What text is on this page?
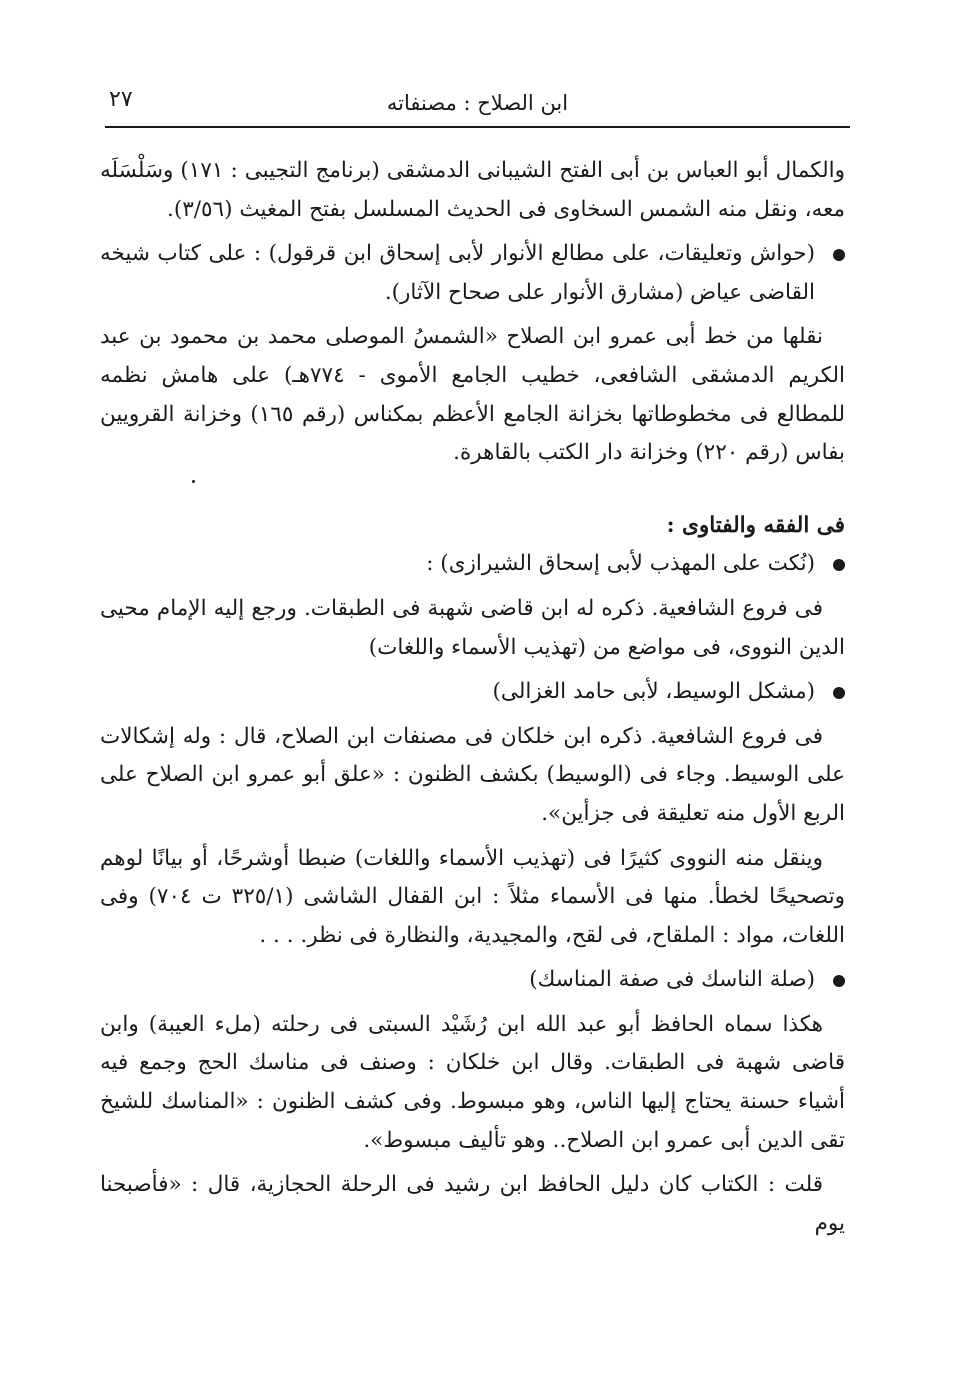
٢٧	ابن الصلاح : مصنفاته

والكمال أبو العباس بن أبى الفتح الشيبانى الدمشقى (برنامج التجيبى : ١٧١) وسَلْسَلَه معه، ونقل منه الشمس السخاوى فى الحديث المسلسل بفتح المغيث (٣/٥٦).

(حواش وتعليقات، على مطالع الأنوار لأبى إسحاق ابن قرقول) : على كتاب شيخه القاضى عياض (مشارق الأنوار على صحاح الآثار).

نقلها من خط أبى عمرو ابن الصلاح «الشمسُ الموصلى محمد بن محمود بن عبد الكريم الدمشقى الشافعى، خطيب الجامع الأموى - ٧٧٤هـ) على هامش نظمه للمطالع فى مخطوطاتها بخزانة الجامع الأعظم بمكناس (رقم ١٦٥) وخزانة القرويين بفاس (رقم ٢٢٠) وخزانة دار الكتب بالقاهرة.

فى الفقه والفتاوى :

(نُكت على المهذب لأبى إسحاق الشيرازى) :

فى فروع الشافعية. ذكره له ابن قاضى شهبة فى الطبقات. ورجع إليه الإمام محيى الدين النووى، فى مواضع من (تهذيب الأسماء واللغات)

(مشكل الوسيط، لأبى حامد الغزالى)

فى فروع الشافعية. ذكره ابن خلكان فى مصنفات ابن الصلاح، قال : وله إشكالات على الوسيط. وجاء فى (الوسيط) بكشف الظنون : «علق أبو عمرو ابن الصلاح على الربع الأول منه تعليقة فى جزأين».

وينقل منه النووى كثيرًا فى (تهذيب الأسماء واللغات) ضبطا أوشرحًا، أو بيانًا لوهم وتصحيحًا لخطأ. منها فى الأسماء مثلاً : ابن القفال الشاشى (٣٢٥/١ ت ٧٠٤) وفى اللغات، مواد : الملقاح، فى لقح، والمجيدية، والنظارة فى نظر. . . .

(صلة الناسك فى صفة المناسك)

هكذا سماه الحافظ أبو عبد الله ابن رُشَيْد السبتى فى رحلته (ملء العيبة) وابن قاضى شهبة فى الطبقات. وقال ابن خلكان : وصنف فى مناسك الحج وجمع فيه أشياء حسنة يحتاج إليها الناس، وهو مبسوط. وفى كشف الظنون : «المناسك للشيخ تقى الدين أبى عمرو ابن الصلاح.. وهو تأليف مبسوط».

قلت : الكتاب كان دليل الحافظ ابن رشيد فى الرحلة الحجازية، قال : «فأصبحنا يوم
